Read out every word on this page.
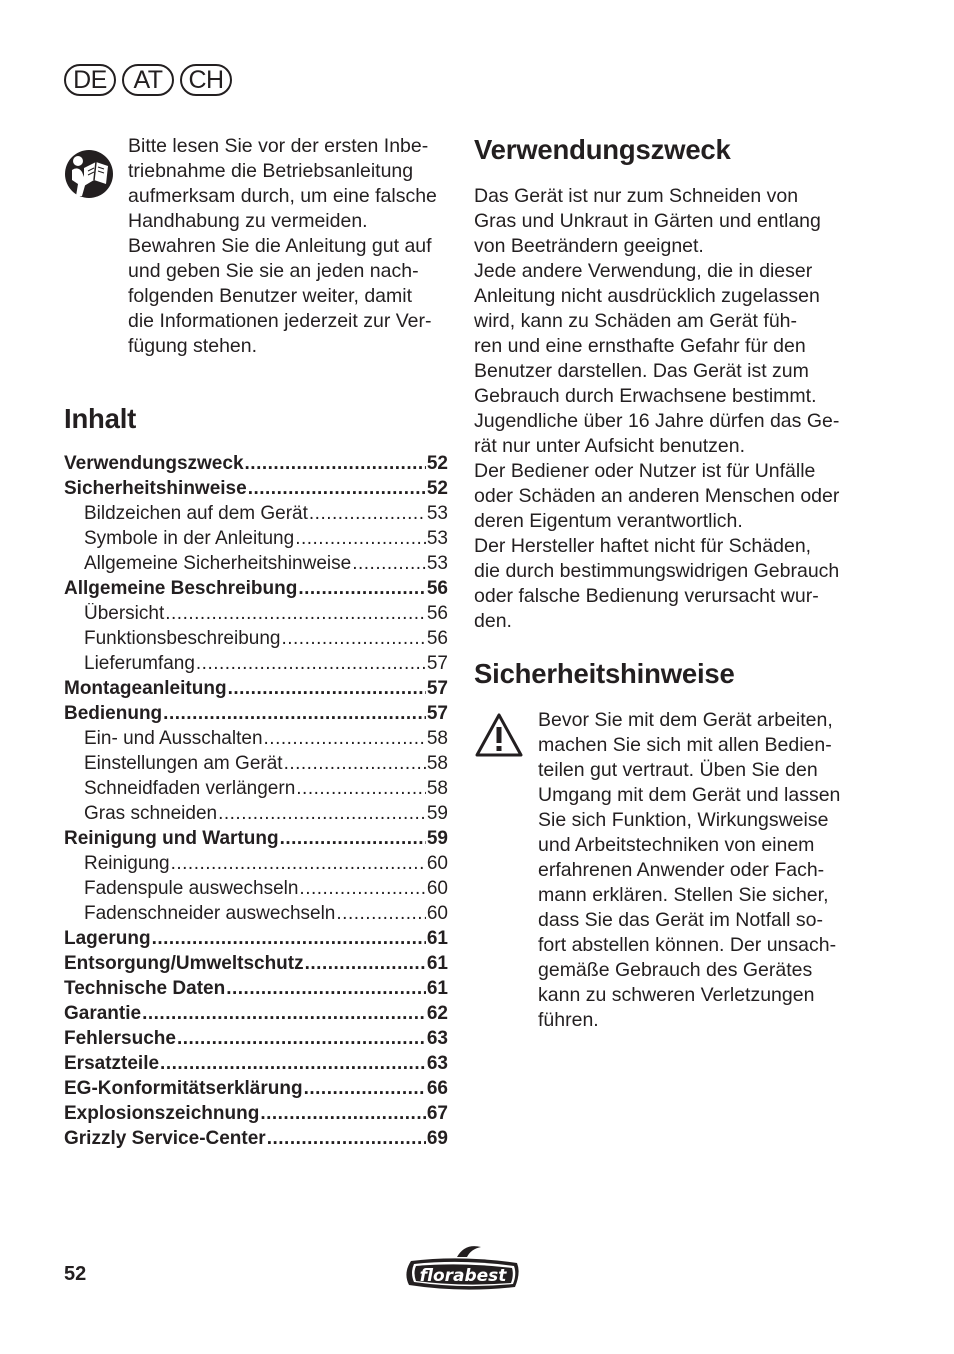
DE	AT	CH

Bitte lesen Sie vor der ersten Inbe-

triebnahme die Betriebsanleitung

aufmerksam durch, um eine falsche

Handhabung zu vermeiden.

Bewahren Sie die Anleitung gut auf

und geben Sie sie an jeden nach-

folgenden Benutzer weiter, damit

die Informationen jederzeit zur Ver-

fügung stehen.

Inhalt
Verwendungszweck .....	52
Sicherheitshinweise .....	52
Bildzeichen auf dem Gerät .....	53
Symbole in der Anleitung .....	53
Allgemeine Sicherheitshinweise .....	53
Allgemeine Beschreibung .....	56
Übersicht .....	56
Funktionsbeschreibung .....	56
Lieferumfang .....	57
Montageanleitung .....	57
Bedienung .....	57
Ein- und Ausschalten .....	58
Einstellungen am Gerät .....	58
Schneidfaden verlängern .....	58
Gras schneiden .....	59
Reinigung und Wartung .....	59
Reinigung .....	60
Fadenspule auswechseln .....	60
Fadenschneider auswechseln .....	60
Lagerung .....	61
Entsorgung/Umweltschutz .....	61
Technische Daten .....	61
Garantie .....	62
Fehlersuche .....	63
Ersatzteile .....	63
EG-Konformitätserklärung .....	66
Explosionszeichnung .....	67
Grizzly Service-Center .....	69
Verwendungszweck

Das Gerät ist nur zum Schneiden von

Gras und Unkraut in Gärten und entlang

von Beeträndern geeignet.

Jede andere Verwendung, die in dieser

Anleitung nicht ausdrücklich zugelassen

wird, kann zu Schäden am Gerät füh-

ren und eine ernsthafte Gefahr für den

Benutzer darstellen. Das Gerät ist zum

Gebrauch durch Erwachsene bestimmt.

Jugendliche über 16 Jahre dürfen das Ge-

rät nur unter Aufsicht benutzen.

Der Bediener oder Nutzer ist für Unfälle

oder Schäden an anderen Menschen oder

deren Eigentum verantwortlich.

Der Hersteller haftet nicht für Schäden,

die durch bestimmungswidrigen Gebrauch

oder falsche Bedienung verursacht wur-

den.

Sicherheitshinweise

Bevor Sie mit dem Gerät arbeiten,

machen Sie sich mit allen Bedien-

teilen gut vertraut. Üben Sie den

Umgang mit dem Gerät und lassen

Sie sich Funktion, Wirkungsweise

und Arbeitstechniken von einem

erfahrenen Anwender oder Fach-

mann erklären. Stellen Sie sicher,

dass Sie das Gerät im Notfall so-

fort abstellen können. Der unsach-

gemäße Gebrauch des Gerätes

kann zu schweren Verletzungen

führen.

52	florabest
